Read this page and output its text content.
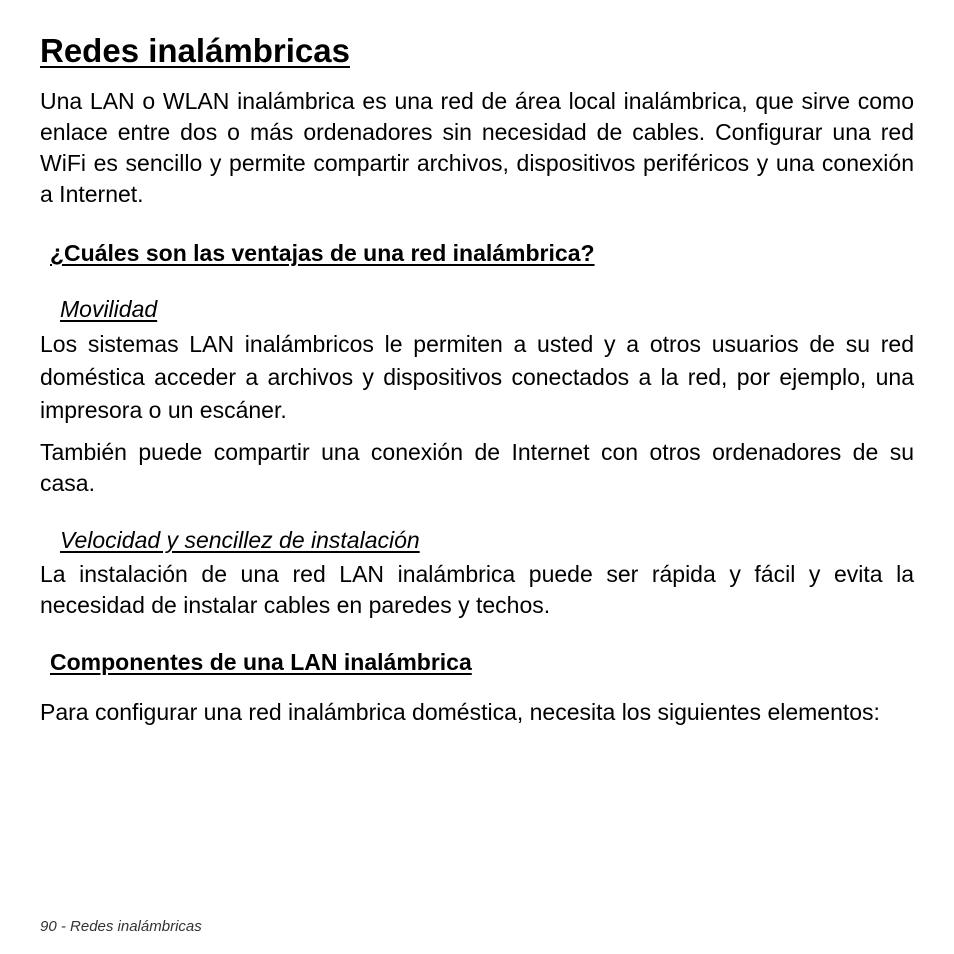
Redes inalámbricas

Una LAN o WLAN inalámbrica es una red de área local inalámbrica, que sirve como enlace entre dos o más ordenadores sin necesidad de cables. Configurar una red WiFi es sencillo y permite compartir archivos, dispositivos periféricos y una conexión a Internet.

¿Cuáles son las ventajas de una red inalámbrica?
Movilidad

Los sistemas LAN inalámbricos le permiten a usted y a otros usuarios de su red doméstica acceder a archivos y dispositivos conectados a la red, por ejemplo, una impresora o un escáner.

También puede compartir una conexión de Internet con otros ordenadores de su casa.

Velocidad y sencillez de instalación

La instalación de una red LAN inalámbrica puede ser rápida y fácil y evita la necesidad de instalar cables en paredes y techos.

Componentes de una LAN inalámbrica

Para configurar una red inalámbrica doméstica, necesita los siguientes elementos:

90 - Redes inalámbricas
